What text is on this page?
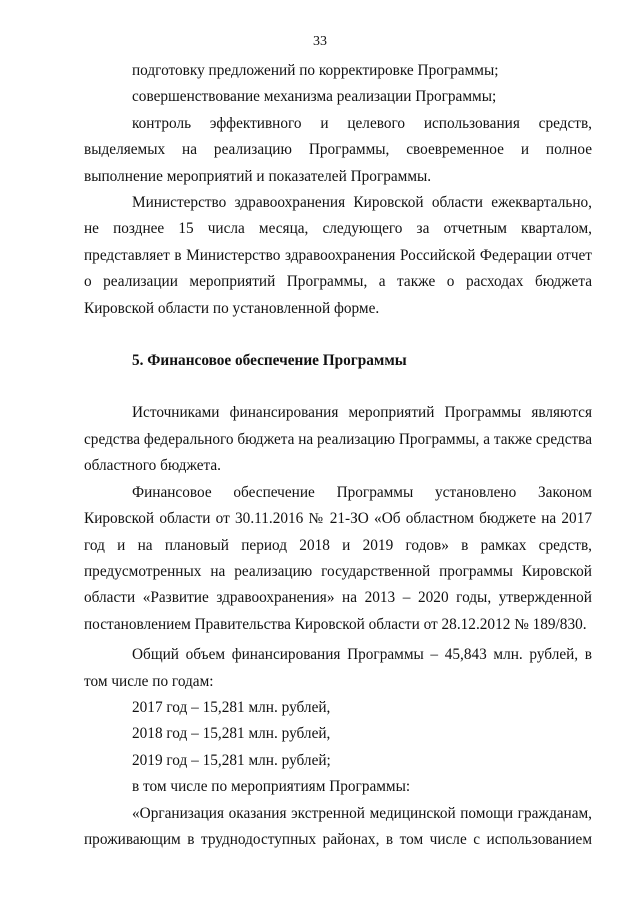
33

подготовку предложений по корректировке Программы;

совершенствование механизма реализации Программы;

контроль эффективного и целевого использования средств, выделяемых на реализацию Программы, своевременное и полное выполнение мероприятий и показателей Программы.

Министерство здравоохранения Кировской области ежеквартально, не позднее 15 числа месяца, следующего за отчетным кварталом, представляет в Министерство здравоохранения Российской Федерации отчет о реализации мероприятий Программы, а также о расходах бюджета Кировской области по установленной форме.

5. Финансовое обеспечение Программы

Источниками финансирования мероприятий Программы являются средства федерального бюджета на реализацию Программы, а также средства областного бюджета.

Финансовое обеспечение Программы установлено Законом Кировской области от 30.11.2016 № 21-ЗО «Об областном бюджете на 2017 год и на плановый период 2018 и 2019 годов» в рамках средств, предусмотренных на реализацию государственной программы Кировской области «Развитие здравоохранения» на 2013 – 2020 годы, утвержденной постановлением Правительства Кировской области от 28.12.2012 № 189/830.

Общий объем финансирования Программы – 45,843 млн. рублей, в том числе по годам:

2017 год – 15,281 млн. рублей,

2018 год – 15,281 млн. рублей,

2019 год – 15,281 млн. рублей;

в том числе по мероприятиям Программы:

«Организация оказания экстренной медицинской помощи гражданам, проживающим в труднодоступных районах, в том числе с использованием
